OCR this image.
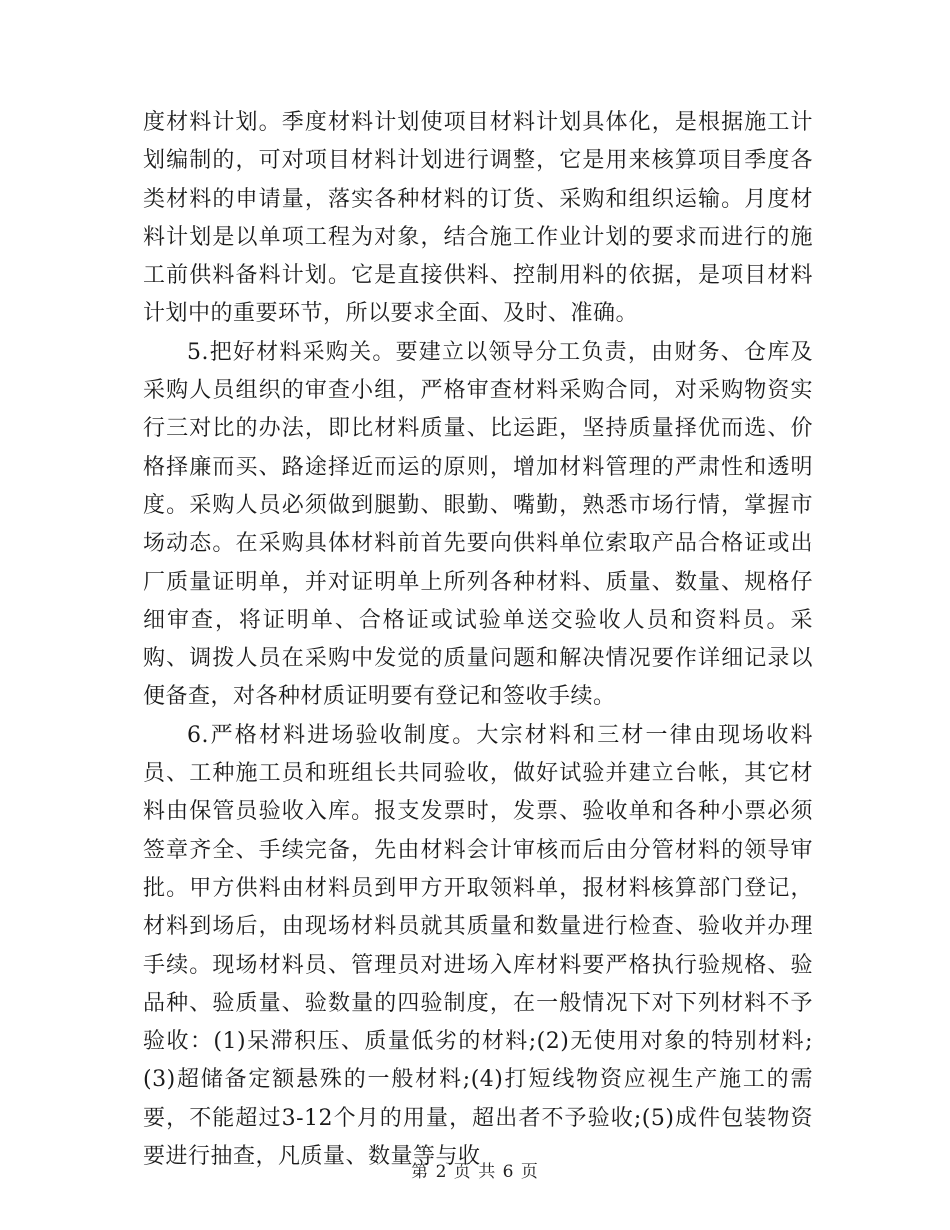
度材料计划。季度材料计划使项目材料计划具体化，是根据施工计划编制的，可对项目材料计划进行调整，它是用来核算项目季度各类材料的申请量，落实各种材料的订货、采购和组织运输。月度材料计划是以单项工程为对象，结合施工作业计划的要求而进行的施工前供料备料计划。它是直接供料、控制用料的依据，是项目材料计划中的重要环节，所以要求全面、及时、准确。

5.把好材料采购关。要建立以领导分工负责，由财务、仓库及采购人员组织的审查小组，严格审查材料采购合同，对采购物资实行三对比的办法，即比材料质量、比运距，坚持质量择优而选、价格择廉而买、路途择近而运的原则，增加材料管理的严肃性和透明度。采购人员必须做到腿勤、眼勤、嘴勤，熟悉市场行情，掌握市场动态。在采购具体材料前首先要向供料单位索取产品合格证或出厂质量证明单，并对证明单上所列各种材料、质量、数量、规格仔细审查，将证明单、合格证或试验单送交验收人员和资料员。采购、调拨人员在采购中发觉的质量问题和解决情况要作详细记录以便备查，对各种材质证明要有登记和签收手续。

6.严格材料进场验收制度。大宗材料和三材一律由现场收料员、工种施工员和班组长共同验收，做好试验并建立台帐，其它材料由保管员验收入库。报支发票时，发票、验收单和各种小票必须签章齐全、手续完备，先由材料会计审核而后由分管材料的领导审批。甲方供料由材料员到甲方开取领料单，报材料核算部门登记，材料到场后，由现场材料员就其质量和数量进行检查、验收并办理手续。现场材料员、管理员对进场入库材料要严格执行验规格、验品种、验质量、验数量的四验制度，在一般情况下对下列材料不予验收：(1)呆滞积压、质量低劣的材料;(2)无使用对象的特别材料;(3)超储备定额悬殊的一般材料;(4)打短线物资应视生产施工的需要，不能超过3-12个月的用量，超出者不予验收;(5)成件包装物资要进行抽查，凡质量、数量等与收

第 2 页 共 6 页
